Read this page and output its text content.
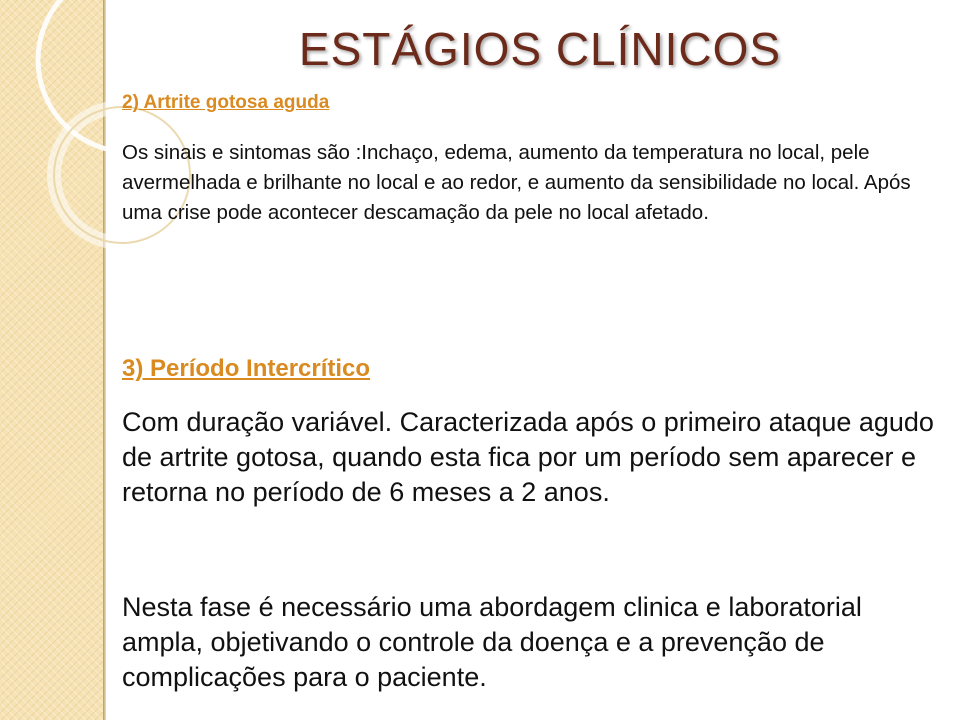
ESTÁGIOS CLÍNICOS
2) Artrite gotosa aguda

Os sinais e sintomas são :Inchaço, edema, aumento da temperatura no local, pele avermelhada e brilhante no local e ao redor, e aumento da sensibilidade no local. Após uma crise pode acontecer descamação da pele no local afetado.

3) Período Intercrítico

Com duração variável. Caracterizada após o primeiro ataque agudo de artrite gotosa, quando esta fica por um período sem aparecer e retorna no período de 6 meses a 2 anos.

Nesta fase é necessário uma abordagem clinica e laboratorial ampla, objetivando o controle da doença e a prevenção de complicações para o paciente.
